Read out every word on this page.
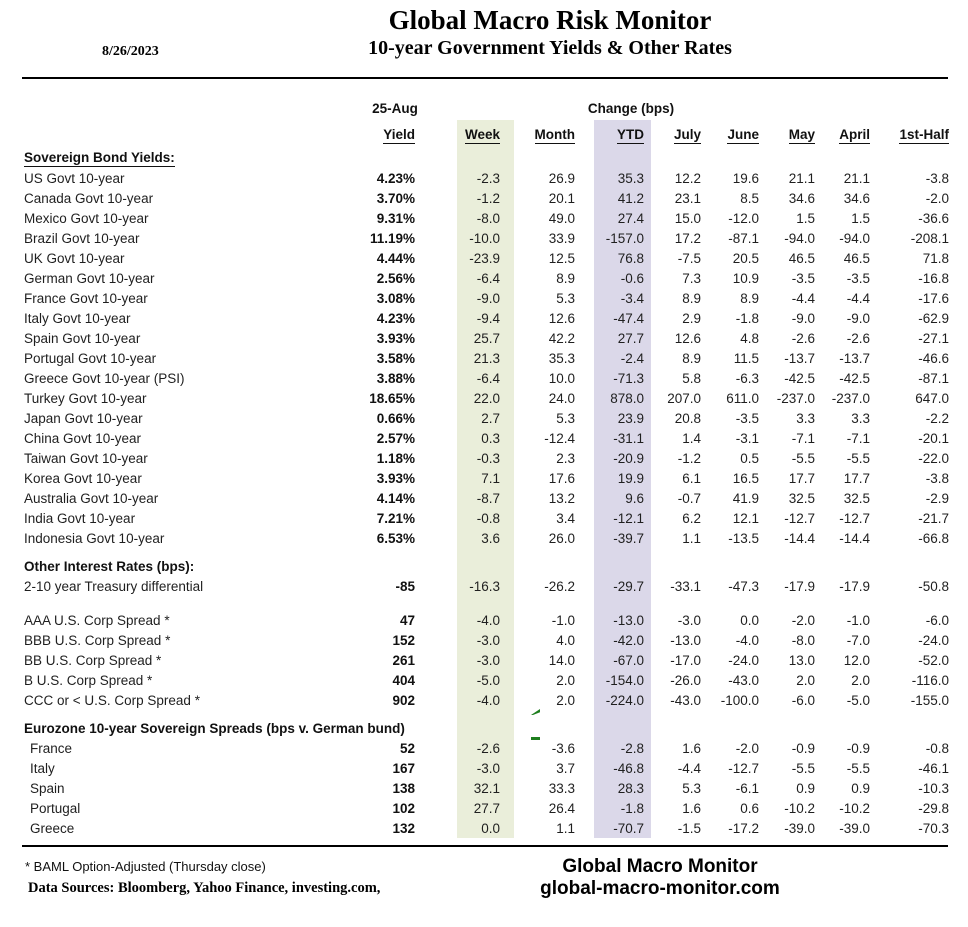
8/26/2023
Global Macro Risk Monitor
10-year Government Yields & Other Rates
	25-Aug		Change (bps)						
	Yield	Week	Month	YTD	July	June	May	April	1st-Half
Sovereign Bond Yields:									
US Govt 10-year	4.23%	-2.3	26.9	35.3	12.2	19.6	21.1	21.1	-3.8
Canada Govt 10-year	3.70%	-1.2	20.1	41.2	23.1	8.5	34.6	34.6	-2.0
Mexico Govt 10-year	9.31%	-8.0	49.0	27.4	15.0	-12.0	1.5	1.5	-36.6
Brazil Govt 10-year	11.19%	-10.0	33.9	-157.0	17.2	-87.1	-94.0	-94.0	-208.1
UK Govt 10-year	4.44%	-23.9	12.5	76.8	-7.5	20.5	46.5	46.5	71.8
German Govt 10-year	2.56%	-6.4	8.9	-0.6	7.3	10.9	-3.5	-3.5	-16.8
France Govt 10-year	3.08%	-9.0	5.3	-3.4	8.9	8.9	-4.4	-4.4	-17.6
Italy Govt 10-year	4.23%	-9.4	12.6	-47.4	2.9	-1.8	-9.0	-9.0	-62.9
Spain Govt 10-year	3.93%	25.7	42.2	27.7	12.6	4.8	-2.6	-2.6	-27.1
Portugal Govt 10-year	3.58%	21.3	35.3	-2.4	8.9	11.5	-13.7	-13.7	-46.6
Greece Govt 10-year (PSI)	3.88%	-6.4	10.0	-71.3	5.8	-6.3	-42.5	-42.5	-87.1
Turkey Govt 10-year	18.65%	22.0	24.0	878.0	207.0	611.0	-237.0	-237.0	647.0
Japan Govt 10-year	0.66%	2.7	5.3	23.9	20.8	-3.5	3.3	3.3	-2.2
China Govt 10-year	2.57%	0.3	-12.4	-31.1	1.4	-3.1	-7.1	-7.1	-20.1
Taiwan Govt 10-year	1.18%	-0.3	2.3	-20.9	-1.2	0.5	-5.5	-5.5	-22.0
Korea Govt 10-year	3.93%	7.1	17.6	19.9	6.1	16.5	17.7	17.7	-3.8
Australia Govt 10-year	4.14%	-8.7	13.2	9.6	-0.7	41.9	32.5	32.5	-2.9
India Govt 10-year	7.21%	-0.8	3.4	-12.1	6.2	12.1	-12.7	-12.7	-21.7
Indonesia Govt 10-year	6.53%	3.6	26.0	-39.7	1.1	-13.5	-14.4	-14.4	-66.8

Other Interest Rates (bps):									
2-10 year Treasury differential	-85	-16.3	-26.2	-29.7	-33.1	-47.3	-17.9	-17.9	-50.8

AAA U.S. Corp Spread *	47	-4.0	-1.0	-13.0	-3.0	0.0	-2.0	-1.0	-6.0
BBB U.S. Corp Spread *	152	-3.0	4.0	-42.0	-13.0	-4.0	-8.0	-7.0	-24.0
BB U.S. Corp Spread *	261	-3.0	14.0	-67.0	-17.0	-24.0	13.0	12.0	-52.0
B U.S. Corp Spread *	404	-5.0	2.0	-154.0	-26.0	-43.0	2.0	2.0	-116.0
CCC or < U.S. Corp Spread *	902	-4.0	2.0	-224.0	-43.0	-100.0	-6.0	-5.0	-155.0

Eurozone 10-year Sovereign Spreads (bps v. German bund)									
France	52	-2.6	-3.6	-2.8	1.6	-2.0	-0.9	-0.9	-0.8
Italy	167	-3.0	3.7	-46.8	-4.4	-12.7	-5.5	-5.5	-46.1
Spain	138	32.1	33.3	28.3	5.3	-6.1	0.9	0.9	-10.3
Portugal	102	27.7	26.4	-1.8	1.6	0.6	-10.2	-10.2	-29.8
Greece	132	0.0	1.1	-70.7	-1.5	-17.2	-39.0	-39.0	-70.3
* BAML Option-Adjusted (Thursday close)
Data Sources: Bloomberg, Yahoo Finance, investing.com,
Global Macro Monitor
global-macro-monitor.com
